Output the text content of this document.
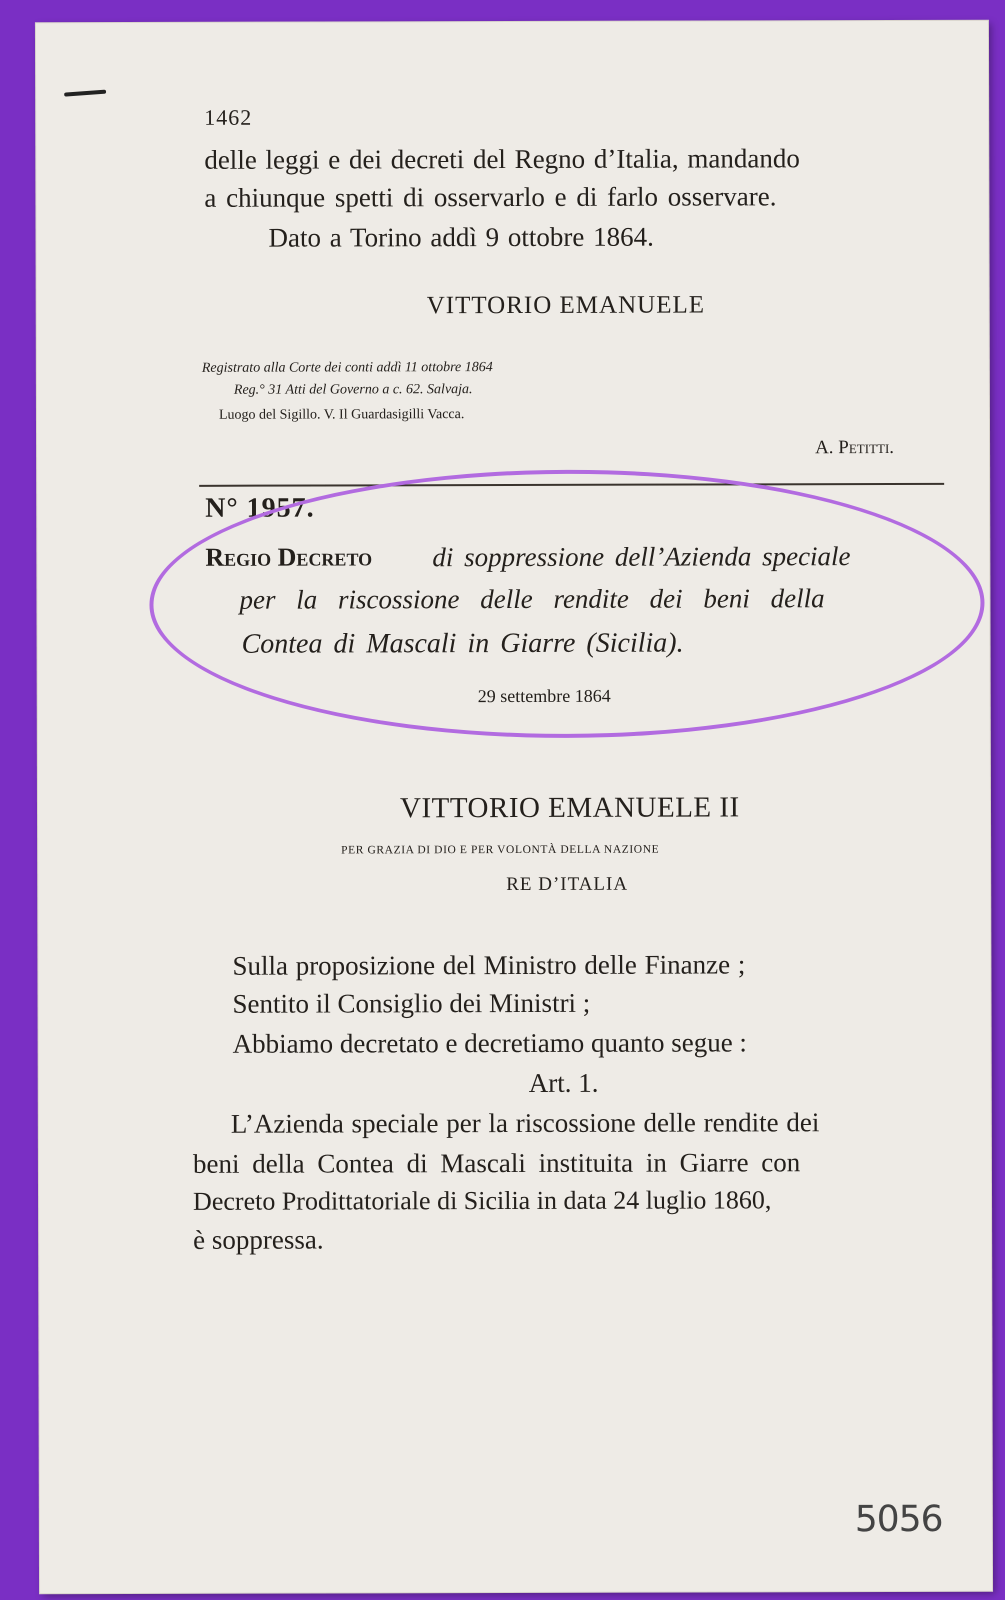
1462
delle leggi e dei decreti del Regno d’Italia, mandando
a chiunque spetti di osservarlo e di farlo osservare.
Dato a Torino addì 9 ottobre 1864.
VITTORIO EMANUELE
Registrato alla Corte dei conti addì 11 ottobre 1864
Reg.° 31 Atti del Governo a c. 62. Salvaja.
Luogo del Sigillo. V. Il Guardasigilli Vacca.
A. Petitti.
N° 1957.
Regio Decreto di soppressione dell’Azienda speciale
per la riscossione delle rendite dei beni della
Contea di Mascali in Giarre (Sicilia).
29 settembre 1864
VITTORIO EMANUELE II
PER GRAZIA DI DIO E PER VOLONTÀ DELLA NAZIONE
RE D’ITALIA
Sulla proposizione del Ministro delle Finanze ;
Sentito il Consiglio dei Ministri ;
Abbiamo decretato e decretiamo quanto segue :
Art. 1.
L’Azienda speciale per la riscossione delle rendite dei
beni della Contea di Mascali instituita in Giarre con
Decreto Prodittatoriale di Sicilia in data 24 luglio 1860,
è soppressa.
5056
